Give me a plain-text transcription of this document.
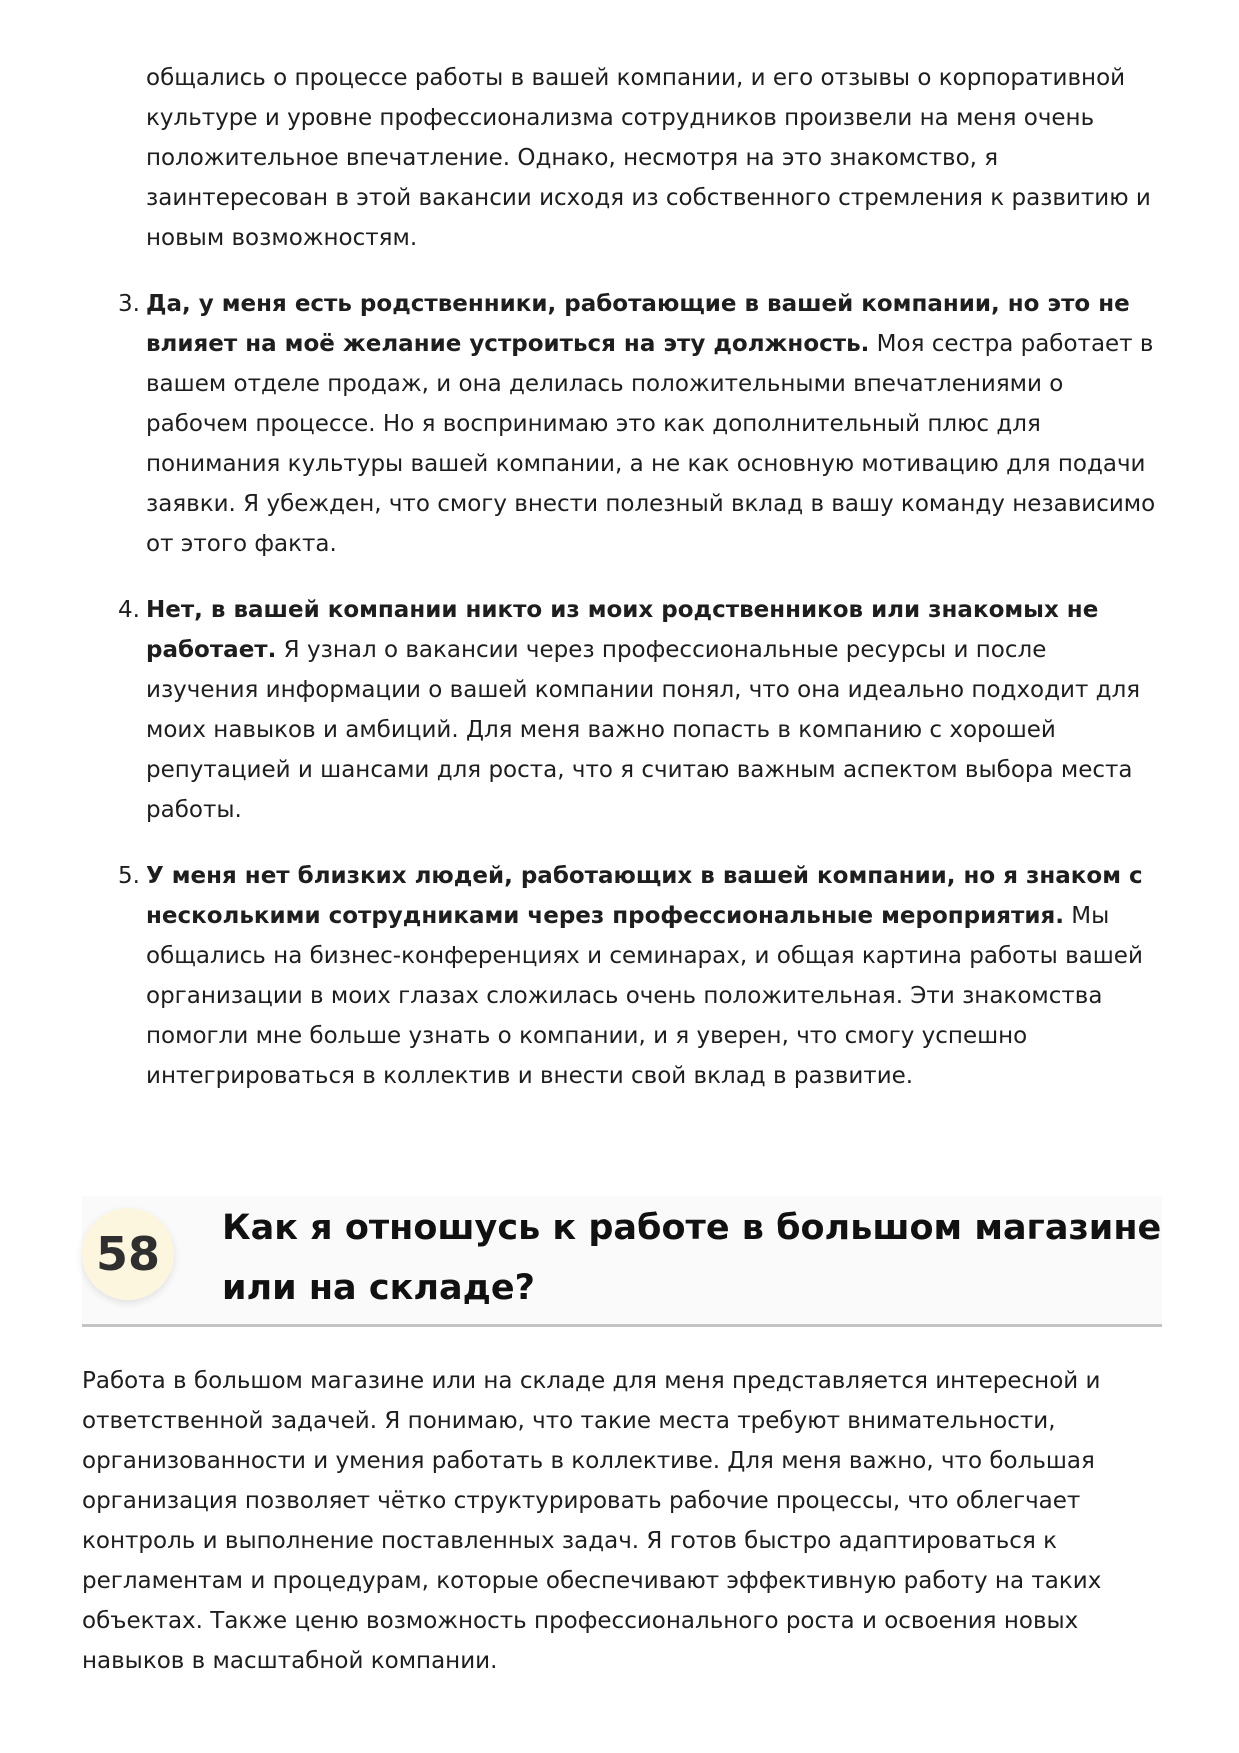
общались о процессе работы в вашей компании, и его отзывы о корпоративной культуре и уровне профессионализма сотрудников произвели на меня очень положительное впечатление. Однако, несмотря на это знакомство, я заинтересован в этой вакансии исходя из собственного стремления к развитию и новым возможностям.

3. Да, у меня есть родственники, работающие в вашей компании, но это не влияет на моё желание устроиться на эту должность. Моя сестра работает в вашем отделе продаж, и она делилась положительными впечатлениями о рабочем процессе. Но я воспринимаю это как дополнительный плюс для понимания культуры вашей компании, а не как основную мотивацию для подачи заявки. Я убежден, что смогу внести полезный вклад в вашу команду независимо от этого факта.
4. Нет, в вашей компании никто из моих родственников или знакомых не работает. Я узнал о вакансии через профессиональные ресурсы и после изучения информации о вашей компании понял, что она идеально подходит для моих навыков и амбиций. Для меня важно попасть в компанию с хорошей репутацией и шансами для роста, что я считаю важным аспектом выбора места работы.
5. У меня нет близких людей, работающих в вашей компании, но я знаком с несколькими сотрудниками через профессиональные мероприятия. Мы общались на бизнес-конференциях и семинарах, и общая картина работы вашей организации в моих глазах сложилась очень положительная. Эти знакомства помогли мне больше узнать о компании, и я уверен, что смогу успешно интегрироваться в коллектив и внести свой вклад в развитие.
58	Как я отношусь к работе в большом магазине или на складе?

Работа в большом магазине или на складе для меня представляется интересной и ответственной задачей. Я понимаю, что такие места требуют внимательности, организованности и умения работать в коллективе. Для меня важно, что большая организация позволяет чётко структурировать рабочие процессы, что облегчает контроль и выполнение поставленных задач. Я готов быстро адаптироваться к регламентам и процедурам, которые обеспечивают эффективную работу на таких объектах. Также ценю возможность профессионального роста и освоения новых навыков в масштабной компании.
